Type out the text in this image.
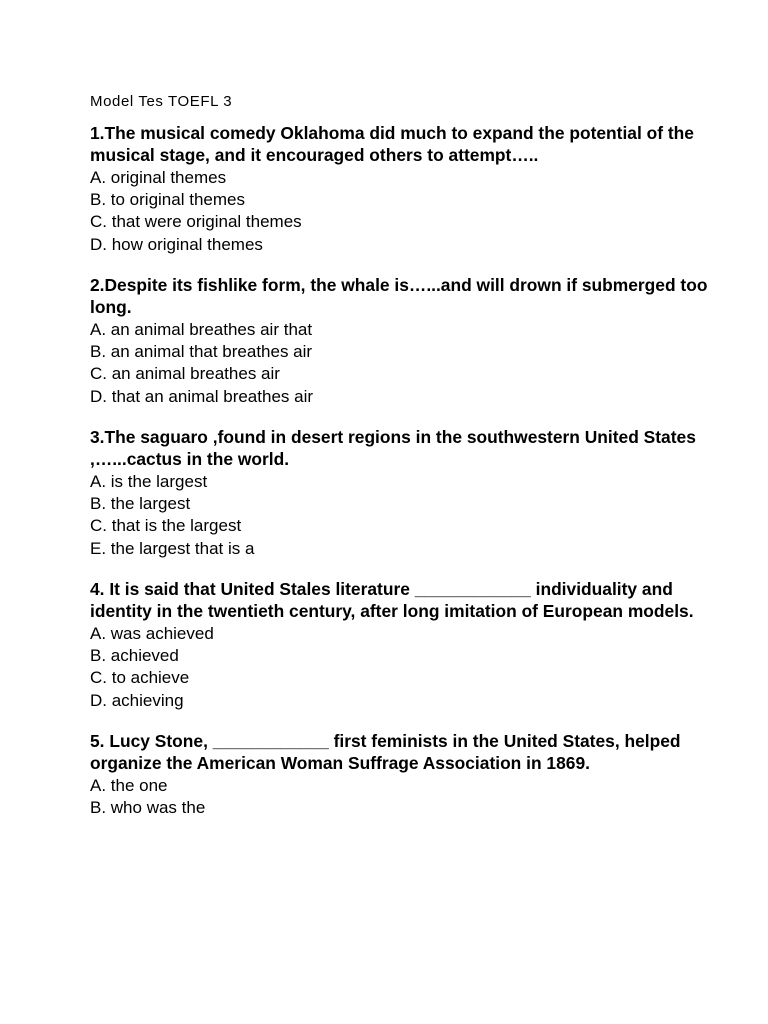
Model Tes TOEFL 3

1.The musical comedy Oklahoma did much to expand the potential of the musical stage, and it encouraged others to attempt…..

A. original themes
B. to original themes
C. that were original themes
D. how original themes

2.Despite its fishlike form, the whale is…...and will drown if submerged too long.

A. an animal breathes air that
B. an animal that breathes air
C. an animal breathes air
D. that an animal breathes air

3.The saguaro ,found in desert regions in the southwestern United States ,…...cactus in the world.

A. is the largest
B. the largest
C. that is the largest
E. the largest that is a

4. It is said that United Stales literature ____________ individuality and identity in the twentieth century, after long imitation of European models.

A. was achieved
B. achieved
C. to achieve
D. achieving

5. Lucy Stone, ____________ first feminists in the United States, helped organize the American Woman Suffrage Association in 1869.

A. the one
B. who was the
